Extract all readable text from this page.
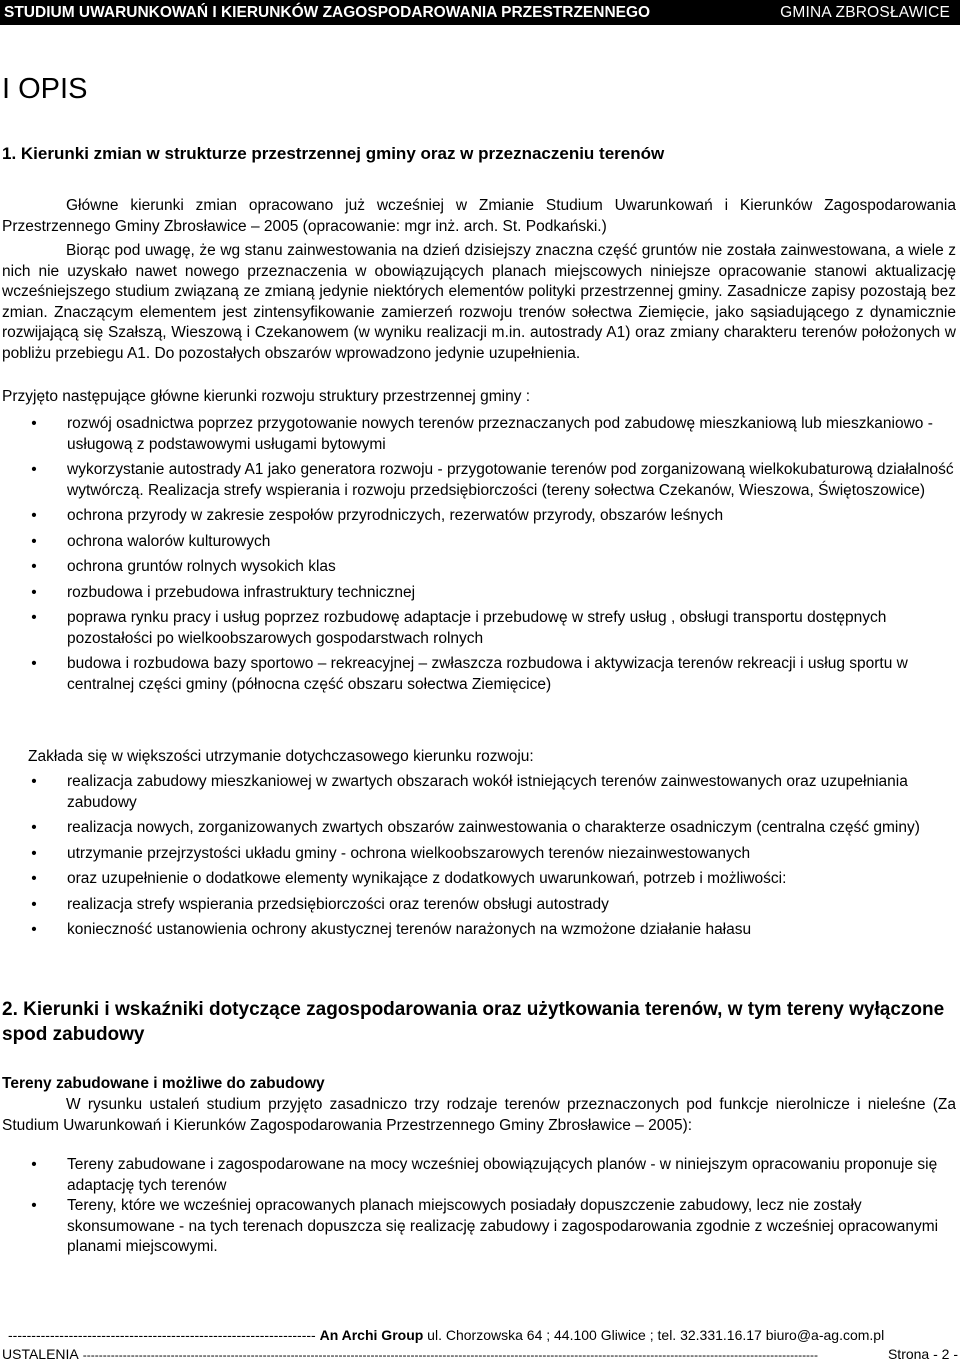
STUDIUM UWARUNKOWAŃ I KIERUNKÓW ZAGOSPODAROWANIA PRZESTRZENNEGO	GMINA ZBROSŁAWICE
I OPIS
1. Kierunki zmian w strukturze przestrzennej gminy oraz w przeznaczeniu terenów
Główne kierunki zmian opracowano już wcześniej w Zmianie Studium Uwarunkowań i Kierunków Zagospodarowania Przestrzennego Gminy Zbrosławice – 2005 (opracowanie: mgr inż. arch. St. Podkański.)
Biorąc pod uwagę, że wg stanu zainwestowania na dzień dzisiejszy znaczna część gruntów nie została zainwestowana, a wiele z nich nie uzyskało nawet nowego przeznaczenia w obowiązujących planach miejscowych niniejsze opracowanie stanowi aktualizację wcześniejszego studium związaną ze zmianą jedynie niektórych elementów polityki przestrzennej gminy. Zasadnicze zapisy pozostają bez zmian. Znaczącym elementem jest zintensyfikowanie zamierzeń rozwoju trenów sołectwa Ziemięcie, jako sąsiadującego z dynamicznie rozwijającą się Szałszą, Wieszową i Czekanowem (w wyniku realizacji m.in. autostrady A1) oraz zmiany charakteru terenów położonych w pobliżu przebiegu A1. Do pozostałych obszarów wprowadzono jedynie uzupełnienia.
Przyjęto następujące główne kierunki rozwoju struktury przestrzennej gminy :
• rozwój osadnictwa poprzez przygotowanie nowych terenów przeznaczanych pod zabudowę mieszkaniową lub mieszkaniowo - usługową z podstawowymi usługami bytowymi
• wykorzystanie autostrady A1 jako generatora rozwoju - przygotowanie terenów pod zorganizowaną wielkokubaturową działalność wytwórczą. Realizacja strefy wspierania i rozwoju przedsiębiorczości (tereny sołectwa Czekanów, Wieszowa, Świętoszowice)
• ochrona przyrody w zakresie zespołów przyrodniczych, rezerwatów przyrody, obszarów leśnych
• ochrona walorów kulturowych
• ochrona gruntów rolnych wysokich klas
• rozbudowa i przebudowa infrastruktury technicznej
• poprawa rynku pracy i usług poprzez rozbudowę adaptacje i przebudowę w strefy usług , obsługi transportu dostępnych pozostałości po wielkoobszarowych gospodarstwach rolnych
• budowa i rozbudowa bazy sportowo – rekreacyjnej – zwłaszcza rozbudowa i aktywizacja terenów rekreacji i usług sportu w centralnej części gminy (północna część obszaru sołectwa Ziemięcice)
Zakłada się w większości utrzymanie dotychczasowego kierunku rozwoju:
• realizacja zabudowy mieszkaniowej w zwartych obszarach wokół istniejących terenów zainwestowanych oraz uzupełniania zabudowy
• realizacja nowych, zorganizowanych zwartych obszarów zainwestowania o charakterze osadniczym (centralna część gminy)
• utrzymanie przejrzystości układu gminy - ochrona wielkoobszarowych terenów niezainwestowanych
• oraz uzupełnienie o dodatkowe elementy wynikające z dodatkowych uwarunkowań, potrzeb i możliwości:
• realizacja strefy wspierania przedsiębiorczości oraz terenów obsługi autostrady
• konieczność ustanowienia ochrony akustycznej terenów narażonych na wzmożone działanie hałasu
2. Kierunki i wskaźniki dotyczące zagospodarowania oraz użytkowania terenów, w tym tereny wyłączone spod zabudowy
Tereny zabudowane i możliwe do zabudowy
W rysunku ustaleń studium przyjęto zasadniczo trzy rodzaje terenów przeznaczonych pod funkcje nierolnicze i nieleśne (Za Studium Uwarunkowań i Kierunków Zagospodarowania Przestrzennego Gminy Zbrosławice – 2005):
• Tereny zabudowane i zagospodarowane na mocy wcześniej obowiązujących planów - w niniejszym opracowaniu proponuje się adaptację tych terenów
• Tereny, które we wcześniej opracowanych planach miejscowych posiadały dopuszczenie zabudowy, lecz nie zostały skonsumowane - na tych terenach dopuszcza się realizację zabudowy i zagospodarowania zgodnie z wcześniej opracowanymi planami miejscowymi.
------------------------------------------------------------------ An Archi Group ul. Chorzowska 64 ; 44.100 Gliwice ; tel. 32.331.16.17 biuro@a-ag.com.pl
USTALENIA ----------------------------------------------------------------------------------------------------------------------------------------------------------------------------------------	Strona - 2 -
